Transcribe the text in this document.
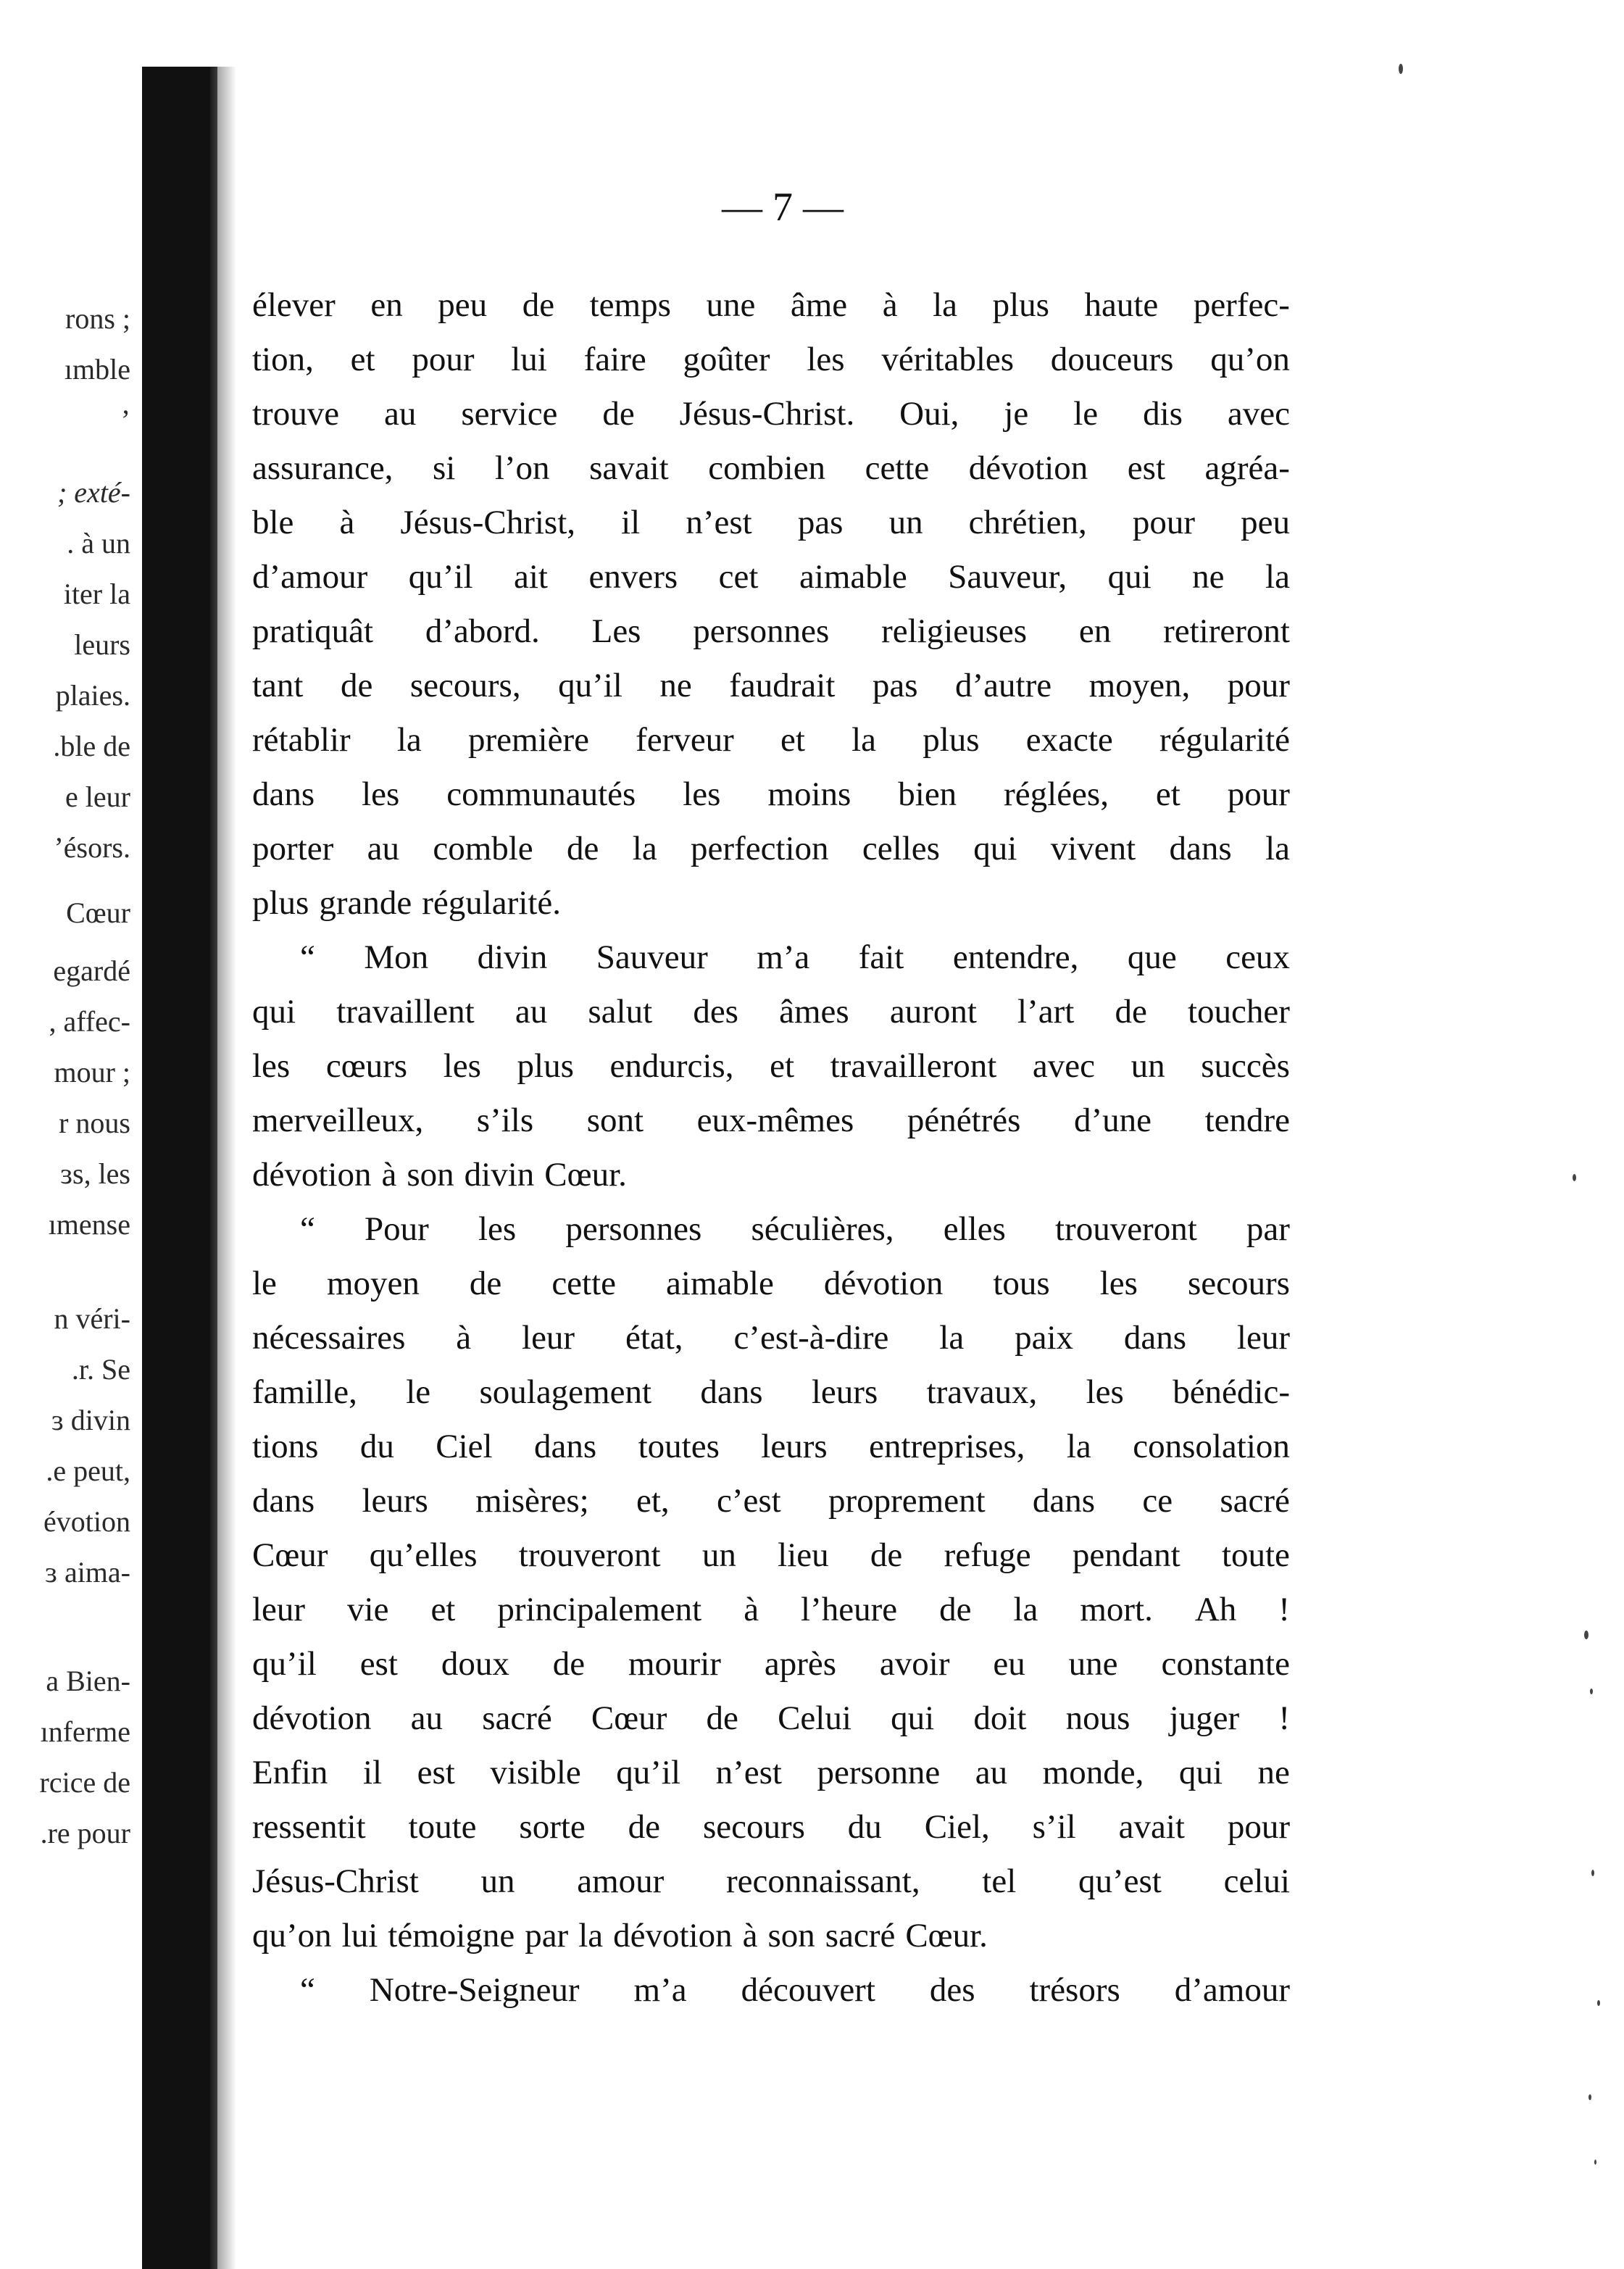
rons ;
ımble
’
; exté-
. à un
iter la
leurs
plaies.
.ble de
e leur
’ésors.
Cœur
egardé
, affec-
mour ;
r nous
ɜs, les
ımense
n véri-
.r. Se
ɜ divin
.e peut,
évotion
ɜ aima-
a Bien-
ınferme
rcice de
.re pour
— 7 —
élever en peu de temps une âme à la plus haute perfec-
tion, et pour lui faire goûter les véritables douceurs qu’on
trouve au service de Jésus-Christ. Oui, je le dis avec
assurance, si l’on savait combien cette dévotion est agréa-
ble à Jésus-Christ, il n’est pas un chrétien, pour peu
d’amour qu’il ait envers cet aimable Sauveur, qui ne la
pratiquât d’abord. Les personnes religieuses en retireront
tant de secours, qu’il ne faudrait pas d’autre moyen, pour
rétablir la première ferveur et la plus exacte régularité
dans les communautés les moins bien réglées, et pour
porter au comble de la perfection celles qui vivent dans la
plus grande régularité.
“ Mon divin Sauveur m’a fait entendre, que ceux
qui travaillent au salut des âmes auront l’art de toucher
les cœurs les plus endurcis, et travailleront avec un succès
merveilleux, s’ils sont eux-mêmes pénétrés d’une tendre
dévotion à son divin Cœur.
“ Pour les personnes séculières, elles trouveront par
le moyen de cette aimable dévotion tous les secours
nécessaires à leur état, c’est-à-dire la paix dans leur
famille, le soulagement dans leurs travaux, les bénédic-
tions du Ciel dans toutes leurs entreprises, la consolation
dans leurs misères; et, c’est proprement dans ce sacré
Cœur qu’elles trouveront un lieu de refuge pendant toute
leur vie et principalement à l’heure de la mort. Ah !
qu’il est doux de mourir après avoir eu une constante
dévotion au sacré Cœur de Celui qui doit nous juger !
Enfin il est visible qu’il n’est personne au monde, qui ne
ressentit toute sorte de secours du Ciel, s’il avait pour
Jésus-Christ un amour reconnaissant, tel qu’est celui
qu’on lui témoigne par la dévotion à son sacré Cœur.
“ Notre-Seigneur m’a découvert des trésors d’amour
